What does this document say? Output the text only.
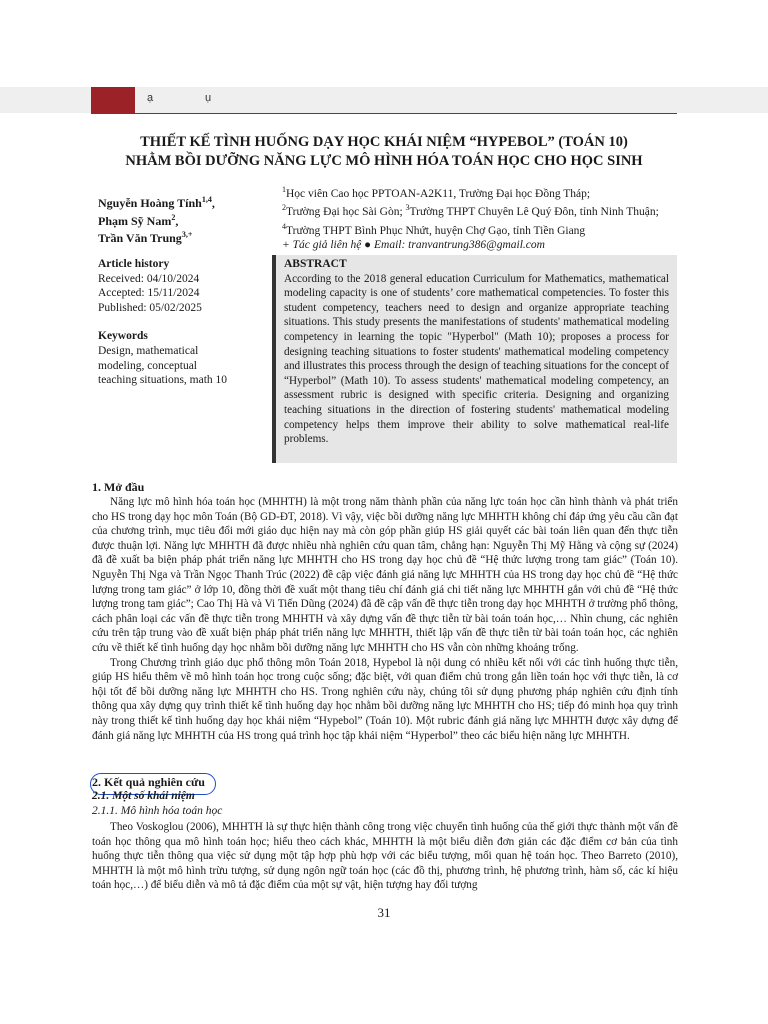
ạ	ụ
THIẾT KẾ TÌNH HUỐNG DẠY HỌC KHÁI NIỆM “HYPEBOL” (TOÁN 10)
NHẰM BỒI DƯỠNG NĂNG LỰC MÔ HÌNH HÓA TOÁN HỌC CHO HỌC SINH
Nguyễn Hoàng Tính$^{1,4}$,
Phạm Sỹ Nam$^2$,
Trần Văn Trung$^{3,+}$
$^1$Học viên Cao học PPTOAN-A2K11, Trường Đại học Đồng Tháp;
$^2$Trường Đại học Sài Gòn; $^3$Trường THPT Chuyên Lê Quý Đôn, tỉnh Ninh Thuận;
$^4$Trường THPT Bình Phục Nhứt, huyện Chợ Gạo, tỉnh Tiền Giang
+ Tác giả liên hệ ● Email: tranvantrung386@gmail.com
Article history
Received: 04/10/2024
Accepted: 15/11/2024
Published: 05/02/2025
Keywords
Design, mathematical
modeling, conceptual
teaching situations, math 10
ABSTRACT
According to the 2018 general education Curriculum for Mathematics, mathematical modeling capacity is one of students’ core mathematical competencies. To foster this student competency, teachers need to design and organize appropriate teaching situations. This study presents the manifestations of students' mathematical modeling competency in learning the topic "Hyperbol" (Math 10); proposes a process for designing teaching situations to foster students' mathematical modeling competency and illustrates this process through the design of teaching situations for the concept of “Hyperbol” (Math 10). To assess students' mathematical modeling competency, an assessment rubric is designed with specific criteria. Designing and organizing teaching situations in the direction of fostering students' mathematical modeling competency helps them improve their ability to solve mathematical real-life problems.
1. Mở đầu

Năng lực mô hình hóa toán học (MHHTH) là một trong năm thành phần của năng lực toán học cần hình thành và phát triển cho HS trong dạy học môn Toán (Bộ GD-ĐT, 2018). Vì vậy, việc bồi dưỡng năng lực MHHTH không chỉ đáp ứng yêu cầu cần đạt của chương trình, mục tiêu đổi mới giáo dục hiện nay mà còn góp phần giúp HS giải quyết các bài toán liên quan đến thực tiễn được thuận lợi. Năng lực MHHTH đã được nhiều nhà nghiên cứu quan tâm, chẳng hạn: Nguyễn Thị Mỹ Hằng và cộng sự (2024) đã đề xuất ba biện pháp phát triển năng lực MHHTH cho HS trong dạy học chủ đề “Hệ thức lượng trong tam giác” (Toán 10). Nguyễn Thị Nga và Trần Ngọc Thanh Trúc (2022) đề cập việc đánh giá năng lực MHHTH của HS trong dạy học chủ đề “Hệ thức lượng trong tam giác” ở lớp 10, đồng thời đề xuất một thang tiêu chí đánh giá chi tiết năng lực MHHTH gắn với chủ đề “Hệ thức lượng trong tam giác”; Cao Thị Hà và Vi Tiến Dũng (2024) đã đề cập vấn đề thực tiễn trong dạy học MHHTH ở trường phổ thông, cách phân loại các vấn đề thực tiễn trong MHHTH và xây dựng vấn đề thực tiễn từ bài toán toán học,… Nhìn chung, các nghiên cứu trên tập trung vào đề xuất biện pháp phát triển năng lực MHHTH, thiết lập vấn đề thực tiễn từ bài toán toán học, các nghiên cứu về thiết kế tình huống dạy học nhằm bồi dưỡng năng lực MHHTH cho HS vẫn còn những khoảng trống.

Trong Chương trình giáo dục phổ thông môn Toán 2018, Hypebol là nội dung có nhiều kết nối với các tình huống thực tiễn, giúp HS hiểu thêm về mô hình toán học trong cuộc sống; đặc biệt, với quan điểm chủ trong gắn liền toán học với thực tiễn, là cơ hội tốt để bồi dưỡng năng lực MHHTH cho HS. Trong nghiên cứu này, chúng tôi sử dụng phương pháp nghiên cứu định tính thông qua xây dựng quy trình thiết kế tình huống dạy học nhằm bồi dưỡng năng lực MHHTH cho HS; tiếp đó minh họa quy trình này trong thiết kế tình huống dạy học khái niệm “Hypebol” (Toán 10). Một rubric đánh giá năng lực MHHTH được xây dựng để đánh giá năng lực MHHTH của HS trong quá trình học tập khái niệm “Hyperbol” theo các biểu hiện năng lực MHHTH.

2. Kết quả nghiên cứu
2.1. Một số khái niệm
2.1.1. Mô hình hóa toán học

Theo Voskoglou (2006), MHHTH là sự thực hiện thành công trong việc chuyển tình huống của thế giới thực thành một vấn đề toán học thông qua mô hình toán học; hiểu theo cách khác, MHHTH là một biểu diễn đơn giản các đặc điểm cơ bản của tình huống thực tiễn thông qua việc sử dụng một tập hợp phù hợp với các biểu tượng, mối quan hệ toán học. Theo Barreto (2010), MHHTH là một mô hình trừu tượng, sử dụng ngôn ngữ toán học (các đồ thị, phương trình, hệ phương trình, hàm số, các kí hiệu toán học,…) để biểu diễn và mô tả đặc điểm của một sự vật, hiện tượng hay đối tượng

31
